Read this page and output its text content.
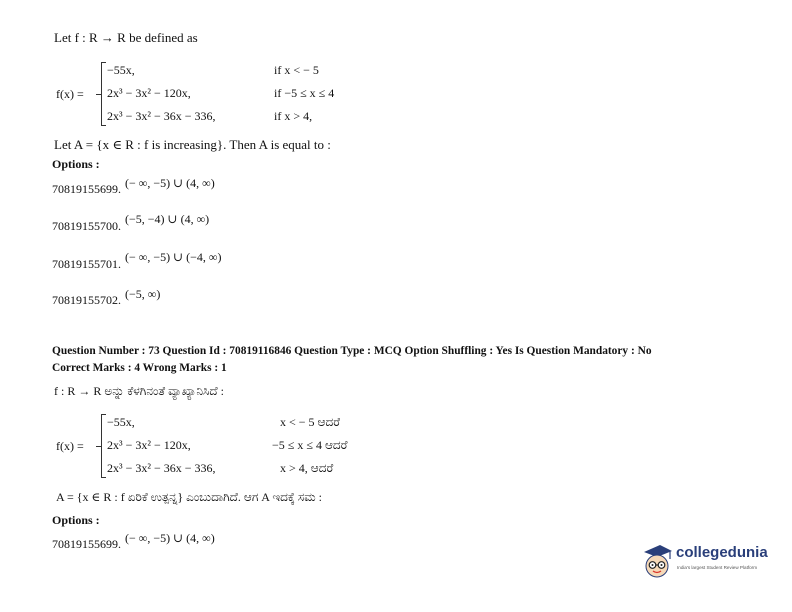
Let f : R → R be defined as
f(x) =
−55x,	if x < − 5
2x³ − 3x² − 120x,	if −5 ≤ x ≤ 4
2x³ − 3x² − 36x − 336,	if x > 4,
Let A = {x ∈ R : f is increasing}. Then A is equal to :
Options :
70819155699. (− ∞, −5) ∪ (4, ∞)
70819155700. (−5, −4) ∪ (4, ∞)
70819155701. (− ∞, −5) ∪ (−4, ∞)
70819155702. (−5, ∞)
Question Number : 73 Question Id : 70819116846 Question Type : MCQ Option Shuffling : Yes Is Question Mandatory : No
Correct Marks : 4 Wrong Marks : 1
f : R → R ಅನ್ನು ಕೆಳಗಿನಂತೆ ವ್ಯಾಖ್ಯಾನಿಸಿದೆ :
f(x) =
−55x,	x < − 5 ಆದರೆ
2x³ − 3x² − 120x,	−5 ≤ x ≤ 4 ಆದರೆ
2x³ − 3x² − 36x − 336,	x > 4, ಆದರೆ
A = {x ∈ R : f ಏರಿಕೆ ಉತ್ಪನ್ನ} ಎಂಬುದಾಗಿದೆ. ಆಗ A ಇದಕ್ಕೆ ಸಮ :
Options :
70819155699. (− ∞, −5) ∪ (4, ∞)
collegedunia
India's largest Student Review Platform
